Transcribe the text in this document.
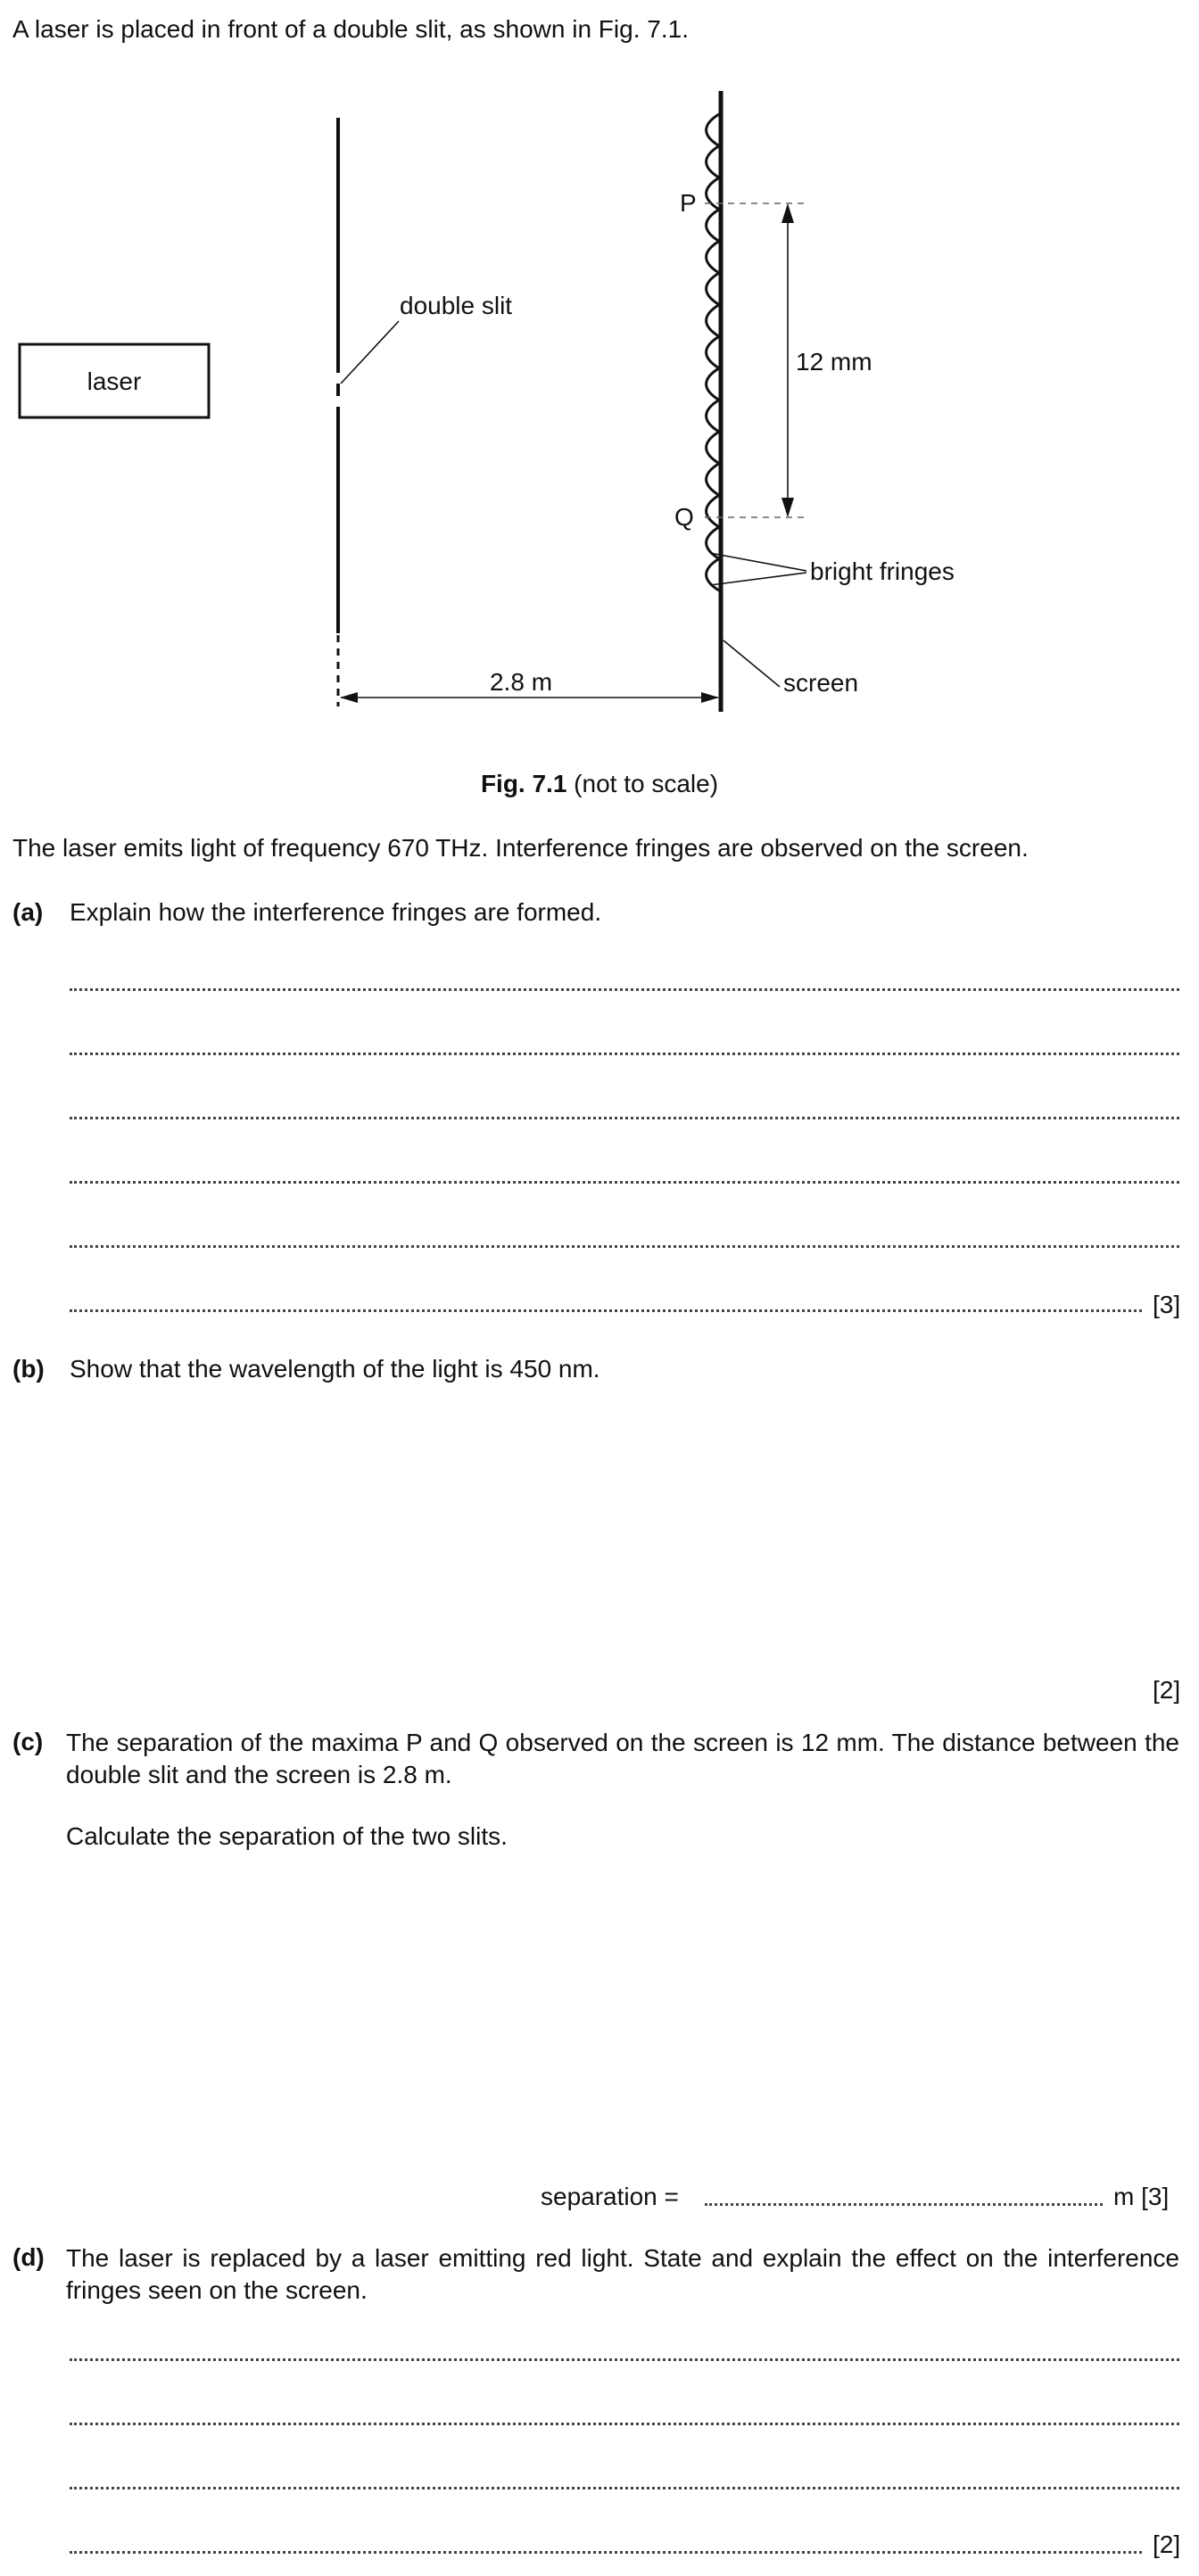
A laser is placed in front of a double slit, as shown in Fig. 7.1.
laser
double slit
P
Q
12 mm
bright fringes
screen
2.8 m
Fig. 7.1 (not to scale)
The laser emits light of frequency 670 THz. Interference fringes are observed on the screen.
(a) Explain how the interference fringes are formed.
[3]
(b) Show that the wavelength of the light is 450 nm.
[2]
(c) The separation of the maxima P and Q observed on the screen is 12 mm. The distance between the double slit and the screen is 2.8 m.
Calculate the separation of the two slits.
separation =	m [3]
(d) The laser is replaced by a laser emitting red light. State and explain the effect on the interference fringes seen on the screen.
[2]
